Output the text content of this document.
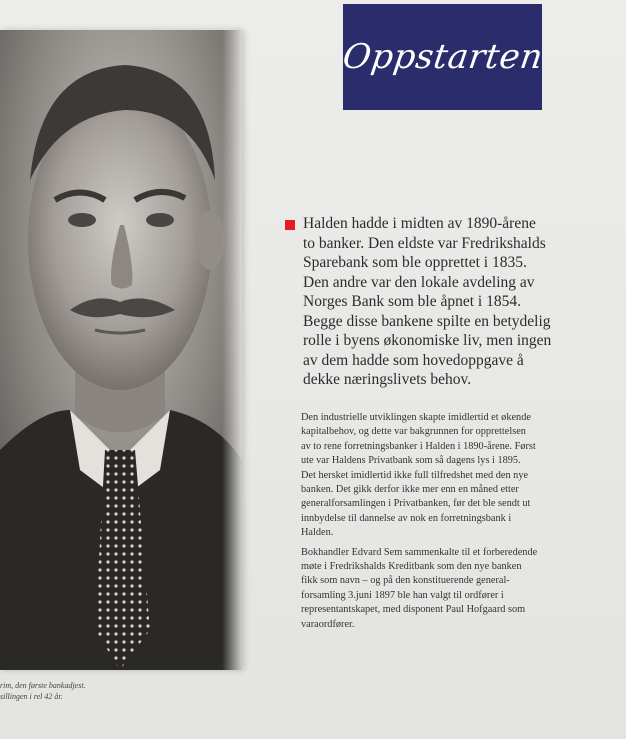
rim, den første bankadjest.
sillingen i rel 42 år.
Oppstarten

Halden hadde i midten av 1890-årene
to banker. Den eldste var Fredrikshalds
Sparebank som ble opprettet i 1835.
Den andre var den lokale avdeling av
Norges Bank som ble åpnet i 1854.
Begge disse bankene spilte en betydelig
rolle i byens økonomiske liv, men ingen
av dem hadde som hovedoppgave å
dekke næringslivets behov.

Den industrielle utviklingen skapte imidlertid et økende
kapitalbehov, og dette var bakgrunnen for opprettelsen
av to rene forretningsbanker i Halden i 1890-årene. Først
ute var Haldens Privatbank som så dagens lys i 1895.
Det hersket imidlertid ikke full tilfredshet med den nye
banken. Det gikk derfor ikke mer enn en måned etter
generalforsamlingen i Privatbanken, før det ble sendt ut
innbydelse til dannelse av nok en forretningsbank i
Halden.

Bokhandler Edvard Sem sammenkalte til et forberedende
møte i Fredrikshalds Kreditbank som den nye banken
fikk som navn – og på den konstituerende general-
forsamling 3.juni 1897 ble han valgt til ordfører i
representantskapet, med disponent Paul Hofgaard som
varaordfører.
